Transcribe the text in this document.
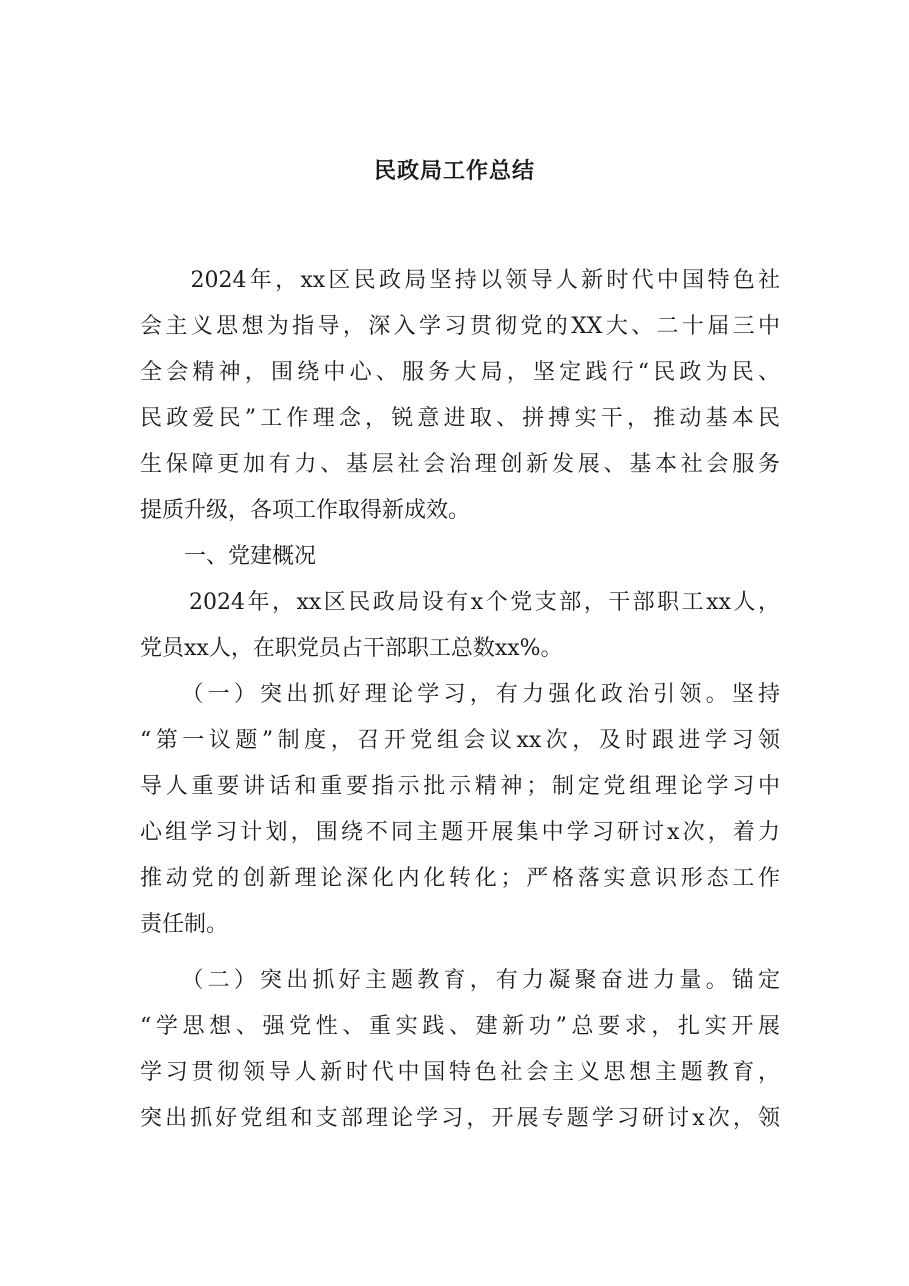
民政局工作总结
　　2024年，xx区民政局坚持以领导人新时代中国特色社
会主义思想为指导，深入学习贯彻党的XX大、二十届三中
全会精神，围绕中心、服务大局，坚定践行“民政为民、
民政爱民”工作理念，锐意进取、拼搏实干，推动基本民
生保障更加有力、基层社会治理创新发展、基本社会服务
提质升级，各项工作取得新成效。
　　一、党建概况
　　2024年，xx区民政局设有x个党支部，干部职工xx人，
党员xx人，在职党员占干部职工总数xx%。
　　（一）突出抓好理论学习，有力强化政治引领。坚持
“第一议题”制度，召开党组会议xx次，及时跟进学习领
导人重要讲话和重要指示批示精神；制定党组理论学习中
心组学习计划，围绕不同主题开展集中学习研讨x次，着力
推动党的创新理论深化内化转化；严格落实意识形态工作
责任制。
　　（二）突出抓好主题教育，有力凝聚奋进力量。锚定
“学思想、强党性、重实践、建新功”总要求，扎实开展
学习贯彻领导人新时代中国特色社会主义思想主题教育，
突出抓好党组和支部理论学习，开展专题学习研讨x次，领
